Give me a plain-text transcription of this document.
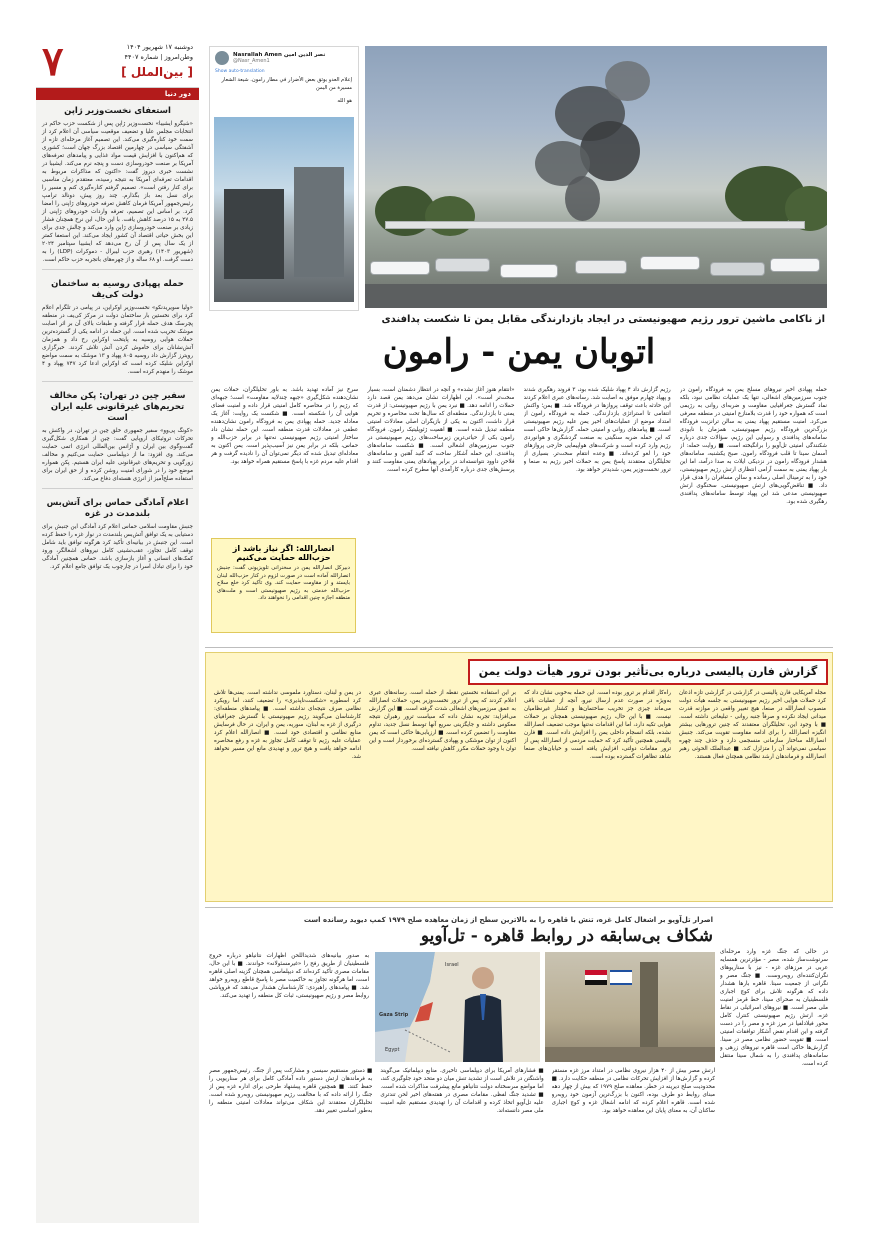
۷	دوشنبه ۱۷ شهریور ۱۴۰۴
وطن‌امروز | شماره ۴۴۰۷
[ بین‌الملل ]
دور دنیا
استعفای نخست‌وزیر ژاپن
«شیگرو ایشیبا» نخست‌وزیر ژاپن پس از شکست حزب حاکم در انتخابات مجلس علیا و تضعیف موقعیت سیاسی آن اعلام کرد از سمت خود کناره‌گیری می‌کند. این تصمیم آغاز مرحله‌ای تازه از آشفتگی سیاسی در چهارمین اقتصاد بزرگ جهان است؛ کشوری که هم‌اکنون با افزایش قیمت مواد غذایی و پیامدهای تعرفه‌های آمریکا بر صنعت خودروسازی دست و پنجه نرم می‌کند. ایشیبا در نشست خبری دیروز گفت: «اکنون که مذاکرات مربوط به اقدامات تعرفه‌ای آمریکا به نتیجه رسیده، معتقدم زمان مناسبی برای کنار رفتن است». تصمیم گرفتم کناره‌گیری کنم و مسیر را برای نسل بعد باز بگذارم. چند روز پیش، دونالد ترامپ رئیس‌جمهور آمریکا فرمان کاهش تعرفه خودروهای ژاپنی را امضا کرد. بر اساس این تصمیم، تعرفه واردات خودروهای ژاپنی از ۲۷.۵ به ۱۵ درصد کاهش یافت. با این حال، این نرخ همچنان فشار زیادی بر صنعت خودروسازی ژاپن وارد می‌کند و چالش جدی برای این بخش حیاتی اقتصاد آن کشور ایجاد می‌کند. این استعفا کمتر از یک سال پس از آن رخ می‌دهد که ایشیبا سپتامبر ۲۰۲۴ (شهریور ۱۴۰۳) رهبری حزب لیبرال - دموکرات (LDP) را به دست گرفت. او ۶۸ ساله و از چهره‌های باتجربه حزب حاکم است.
حمله پهپادی روسیه به ساختمان دولت کی‌یف
«ولیا سویریدنکو» نخست‌وزیر اوکراین، در پیامی در تلگرام اعلام کرد برای نخستین بار ساختمان دولت در مرکز کی‌یف در منطقه پچرسک هدف حمله قرار گرفته و طبقات بالای آن بر اثر اصابت موشک تخریب شده است. این حمله در ادامه یکی از گسترده‌ترین حملات هوایی روسیه به پایتخت اوکراین رخ داد و همزمان آتش‌نشانان برای خاموش کردن آتش تلاش کردند. خبرگزاری رویترز گزارش داد روسیه ۸۰۵ پهپاد و ۱۳ موشک به سمت مواضع اوکراین شلیک کرده است که اوکراین ادعا کرد ۷۴۷ پهپاد و ۴ موشک را منهدم کرده است.
سفیر چین در تهران: پکن مخالف تحریم‌های غیرقانونی علیه ایران است
«کونگ پی‌وو» سفیر جمهوری خلق چین در تهران، در واکنش به تحرکات تروئیکای اروپایی گفت: چین از همکاری شکل‌گیری گفت‌وگوی بین ایران و آژانس بین‌المللی انرژی اتمی حمایت می‌کند. وی افزود: ما از دیپلماسی حمایت می‌کنیم و مخالف زورگویی و تحریم‌های غیرقانونی علیه ایران هستیم. پکن همواره موضع خود را در شورای امنیت روشن کرده و از حق ایران برای استفاده صلح‌آمیز از انرژی هسته‌ای دفاع می‌کند.
اعلام آمادگی حماس برای آتش‌بس بلندمدت در غزه
جنبش مقاومت اسلامی حماس اعلام کرد آمادگی این جنبش برای دستیابی به یک توافق آتش‌بس بلندمدت در نوار غزه را حفظ کرده است. این جنبش در بیانیه‌ای تأکید کرد هرگونه توافق باید شامل توقف کامل تجاوز، عقب‌نشینی کامل نیروهای اشغالگر، ورود کمک‌های انسانی و آغاز بازسازی باشد. حماس همچنین آمادگی خود را برای تبادل اسرا در چارچوب یک توافق جامع اعلام کرد.
Nasrallah Amen نصر الدين امين
@Nasr_Amen1
Show auto-translation
إعلام العدو يوثق بعض الأضرار في مطار رامون. شيعة الشعار مسيرة من اليمن
هو الله
از ناکامی ماشین ترور رژیم صهیونیستی در ایجاد بازدارندگی مقابل یمن تا شکست پدافندی
اتوبان یمن - رامون
حمله پهپادی اخیر نیروهای مسلح یمن به فرودگاه رامون در جنوب سرزمین‌های اشغالی، تنها یک عملیات نظامی نبود، بلکه نماد گسترش جغرافیایی مقاومت و ضربه‌ای روانی به رژیمی است که همواره خود را قدرت بلامنازع امنیتی در منطقه معرفی می‌کرد. امنیت مستقیم پهپاد یمنی به سالن ترانزیت فرودگاه بزرگ‌ترین فرودگاه رژیم صهیونیستی، همزمان با نابودی سامانه‌های پدافندی و رسوایی این رژیم، سؤالات جدی درباره شکنندگی امنیتی تل‌آویو را برانگیخته است. ■ روایت حمله: از آسمان سینا تا قلب فرودگاه رامون. صبح یکشنبه، سامانه‌های هشدار فرودگاه رامون در نزدیکی ایلات به صدا درآمد، اما این بار پهپاد یمنی به سمت آرامی انتظاری ارتش رژیم صهیونیستی، خود را به ترمینال اصلی رسانده و سالن مسافران را هدف قرار داد. ■ تناقض‌گویی‌های ارتش صهیونیستی. سخنگوی ارتش صهیونیستی مدعی شد این پهپاد توسط سامانه‌های پدافندی رهگیری شده بود.
رژیم گزارش داد ۴ پهپاد شلیک شده بود، ۳ فروند رهگیری شدند و پهپاد چهارم موفق به اصابت شد. رسانه‌های عبری اعلام کردند این حادثه باعث توقف پروازها در فرودگاه شد. ■ یمن؛ واکنش انتقامی تا استراتژی بازدارندگی. حمله به فرودگاه رامون از امتداد موضع از عملیات‌های اخیر یمن علیه رژیم صهیونیستی است. ■ پیامدهای روانی و امنیتی حمله. گزارش‌ها حاکی است که این حمله ضربه سنگینی به صنعت گردشگری و هوانوردی رژیم وارد کرده است و شرکت‌های هواپیمایی خارجی پروازهای خود را لغو کرده‌اند. ■ وعده انتقام سخت‌تر. بسیاری از تحلیلگران معتقدند پاسخ یمن به حملات اخیر رژیم به صنعا و ترور نخست‌وزیر یمن، شدیدتر خواهد بود.
«انتقام هنوز آغاز نشده» و آنچه در انتظار دشمنان است، بسیار سخت‌تر است». این اظهارات نشان می‌دهد یمن قصد دارد حملات را ادامه دهد. ■ نبرد یمن با رژیم صهیونیستی: از قدرت یمنی تا بازدارندگی. منطقه‌ای که سال‌ها تحت محاصره و تحریم قرار داشت، اکنون به یکی از بازیگران اصلی معادلات امنیتی منطقه تبدیل شده است. ■ اهمیت ژئوپلیتیک رامون. فرودگاه رامون یکی از حیاتی‌ترین زیرساخت‌های رژیم صهیونیستی در جنوب سرزمین‌های اشغالی است. ■ شکست سامانه‌های پدافندی. این حمله آشکار ساخت که گنبد آهنین و سامانه‌های فلاخن داوود نتوانسته‌اند در برابر پهپادهای یمنی مقاومت کنند و پرسش‌های جدی درباره کارآمدی آنها مطرح کرده است.
سرخ نیز آماده تهدید باشد. به باور تحلیلگران، حملات یمن نشان‌دهنده شکل‌گیری «جبهه چندلایه مقاومت» است؛ جبهه‌ای که رژیم را در محاصره کامل امنیتی قرار داده و امنیت فضای هوایی آن را شکسته است. ■ شکست یک روایت: آغاز یک معادله جدید. حمله پهپادی یمن به فرودگاه رامون نشان‌دهنده عطفی در معادلات قدرت منطقه است. این حمله نشان داد ساختار امنیتی رژیم صهیونیستی نه‌تنها در برابر حزب‌الله و حماس، بلکه در برابر یمن نیز آسیب‌پذیر است. یمن اکنون به معادله‌ای تبدیل شده که دیگر نمی‌توان آن را نادیده گرفت و هر اقدام علیه مردم غزه با پاسخ مستقیم همراه خواهد بود.
انصارالله: اگر نیاز باشد از حزب‌الله حمایت می‌کنیم
دبیرکل انصارالله یمن در سخنرانی تلویزیونی گفت: جنبش انصارالله آماده است در صورت لزوم در کنار حزب‌الله لبنان بایستد و از مقاومت حمایت کند. وی تأکید کرد خلع سلاح حزب‌الله خدمتی به رژیم صهیونیستی است و ملت‌های منطقه اجازه چنین اقدامی را نخواهند داد.
گزارش فارن پالیسی درباره بی‌تأثیر بودن ترور هیأت دولت یمن
مجله آمریکایی فارن پالیسی در گزارشی در گزارشی تازه اذعان کرد حملات هوایی اخیر رژیم صهیونیستی به جلسه هیأت دولت منصوب انصارالله در صنعا، هیچ تغییر واقعی در موازنه قدرت میدانی ایجاد نکرده و صرفاً جنبه روانی - تبلیغاتی داشته است. ■ با وجود این، تحلیلگران معتقدند که چنین ترورهایی بیشتر انگیزه انصارالله را برای ادامه مقاومت تقویت می‌کند. جنبش انصارالله ساختار سازمانی منسجمی دارد و حذف چند چهره سیاسی نمی‌تواند آن را متزلزل کند. ■ عبدالملک الحوثی رهبر انصارالله و فرماندهان ارشد نظامی همچنان فعال هستند.
راه‌کار اقدام بر ترور بوده است. این حمله به‌خوبی نشان داد که به‌ویژه در صورت عدم ارسال نیرو، آنچه از عملیات باقی می‌ماند چیزی جز تخریب ساختمان‌ها و کشتار غیرنظامیان نیست. ■ با این حال، رژیم صهیونیستی همچنان بر حملات هوایی تکیه دارد، اما این اقدامات نه‌تنها موجب تضعیف انصارالله نشده، بلکه انسجام داخلی یمن را افزایش داده است. ■ فارن پالیسی همچنین تأکید کرد که حمایت مردمی از انصارالله پس از ترور مقامات دولتی، افزایش یافته است و خیابان‌های صنعا شاهد تظاهرات گسترده بوده است.
بر این استفاده نخستین نقطه از حمله است. رسانه‌های عبری اعلام کردند که پس از ترور نخست‌وزیر یمن، حملات انصارالله به عمق سرزمین‌های اشغالی شدت گرفته است. ■ این گزارش می‌افزاید: تجربه نشان داده که سیاست ترور رهبران نتیجه معکوس داشته و جایگزینی سریع آنها توسط نسل جدید، تداوم مقاومت را تضمین کرده است. ■ ارزیابی‌ها حاکی است که یمن اکنون از توان موشکی و پهپادی گسترده‌ای برخوردار است و این توان با وجود حملات مکرر کاهش نیافته است.
در یمن و لبنان، دستاورد ملموسی نداشته است. یمنی‌ها تلاش کرد اسطوره «شکست‌ناپذیری» را تضعیف کنند، اما رویکرد نظامی صرف نتیجه‌ای نداشته است. ■ پیامدهای منطقه‌ای: کارشناسان می‌گویند رژیم صهیونیستی با گسترش جغرافیای درگیری از غزه به لبنان، سوریه، یمن و ایران، در حال فرسایش منابع نظامی و اقتصادی خود است. ■ انصارالله اعلام کرد عملیات علیه رژیم تا توقف کامل تجاوز به غزه و رفع محاصره ادامه خواهد یافت و هیچ ترور و تهدیدی مانع این مسیر نخواهد شد.
اصرار تل‌آویو بر اشغال کامل غزه، تنش با قاهره را به بالاترین سطح از زمان معاهده صلح ۱۹۷۹ کمپ دیوید رسانده است
شکاف بی‌سابقه در روابط قاهره - تل‌آویو
در حالی که جنگ غزه وارد مرحله‌ای سرنوشت‌ساز شده، مصر - مؤثرترین همسایه عربی در مرزهای غزه - نیز با سناریوهای نگران‌کننده‌ای روبه‌روست. ■ جنگ مصر و نگرانی از جمعیت سینا. قاهره بارها هشدار داده که هرگونه تلاش برای کوچ اجباری فلسطینیان به صحرای سینا، خط قرمز امنیت ملی مصر است. ■ نیروهای اسرائیلی در نقاط غزه. ارتش رژیم صهیونیستی کنترل کامل محور فیلادلفیا در مرز غزه و مصر را در دست گرفته و این اقدام نقض آشکار توافقات امنیتی است. ■ تقویت حضور نظامی مصر در سینا. گزارش‌ها حاکی است قاهره نیروهای زرهی و سامانه‌های پدافندی را به شمال سینا منتقل کرده است.
Israel
Gaza Strip
Egypt
به صدور بیانیه‌های شدیداللحن اظهارات نتانیاهو درباره خروج فلسطینیان از طریق رفح را «غیرمسئولانه» خواندند. ■ با این حال، مقامات مصری تأکید کرده‌اند که دیپلماسی همچنان گزینه اصلی قاهره است، اما هرگونه تجاوز به حاکمیت مصر با پاسخ قاطع روبه‌رو خواهد شد. ■ پیامدهای راهبردی: کارشناسان هشدار می‌دهند که فروپاشی روابط مصر و رژیم صهیونیستی، ثبات کل منطقه را تهدید می‌کند.
ارتش مصر بیش از ۴۰ هزار نیروی نظامی در امتداد مرز غزه مستقر کرده و گزارش‌ها از افزایش تحرکات نظامی در منطقه حکایت دارد. ■ محدودیت صلح دیرینه در خطر. معاهده صلح ۱۹۷۹ که بیش از چهار دهه مبنای روابط دو طرف بوده، اکنون با بزرگ‌ترین آزمون خود روبه‌رو شده است. قاهره اعلام کرده که ادامه اشغال غزه و کوچ اجباری ساکنان آن، به معنای پایان این معاهده خواهد بود.
■ فشارهای آمریکا برای دیپلماسی تأخیری. منابع دیپلماتیک می‌گویند واشنگتن در تلاش است از تشدید تنش میان دو متحد خود جلوگیری کند، اما مواضع سرسختانه دولت نتانیاهو مانع پیشرفت مذاکرات شده است. ■ تشدید جنگ لفظی. مقامات مصری در هفته‌های اخیر لحن تندتری علیه تل‌آویو اتخاذ کرده و اقدامات آن را تهدیدی مستقیم علیه امنیت ملی مصر دانسته‌اند.
■ دستور مستقیم سیسی و مشارکت پس از جنگ. رئیس‌جمهور مصر به فرماندهان ارتش دستور داده آمادگی کامل برای هر سناریویی را حفظ کنند. ■ همچنین قاهره پیشنهاد طرحی برای اداره غزه پس از جنگ را ارائه داده که با مخالفت رژیم صهیونیستی روبه‌رو شده است. تحلیلگران معتقدند این شکاف می‌تواند معادلات امنیتی منطقه را به‌طور اساسی تغییر دهد.
